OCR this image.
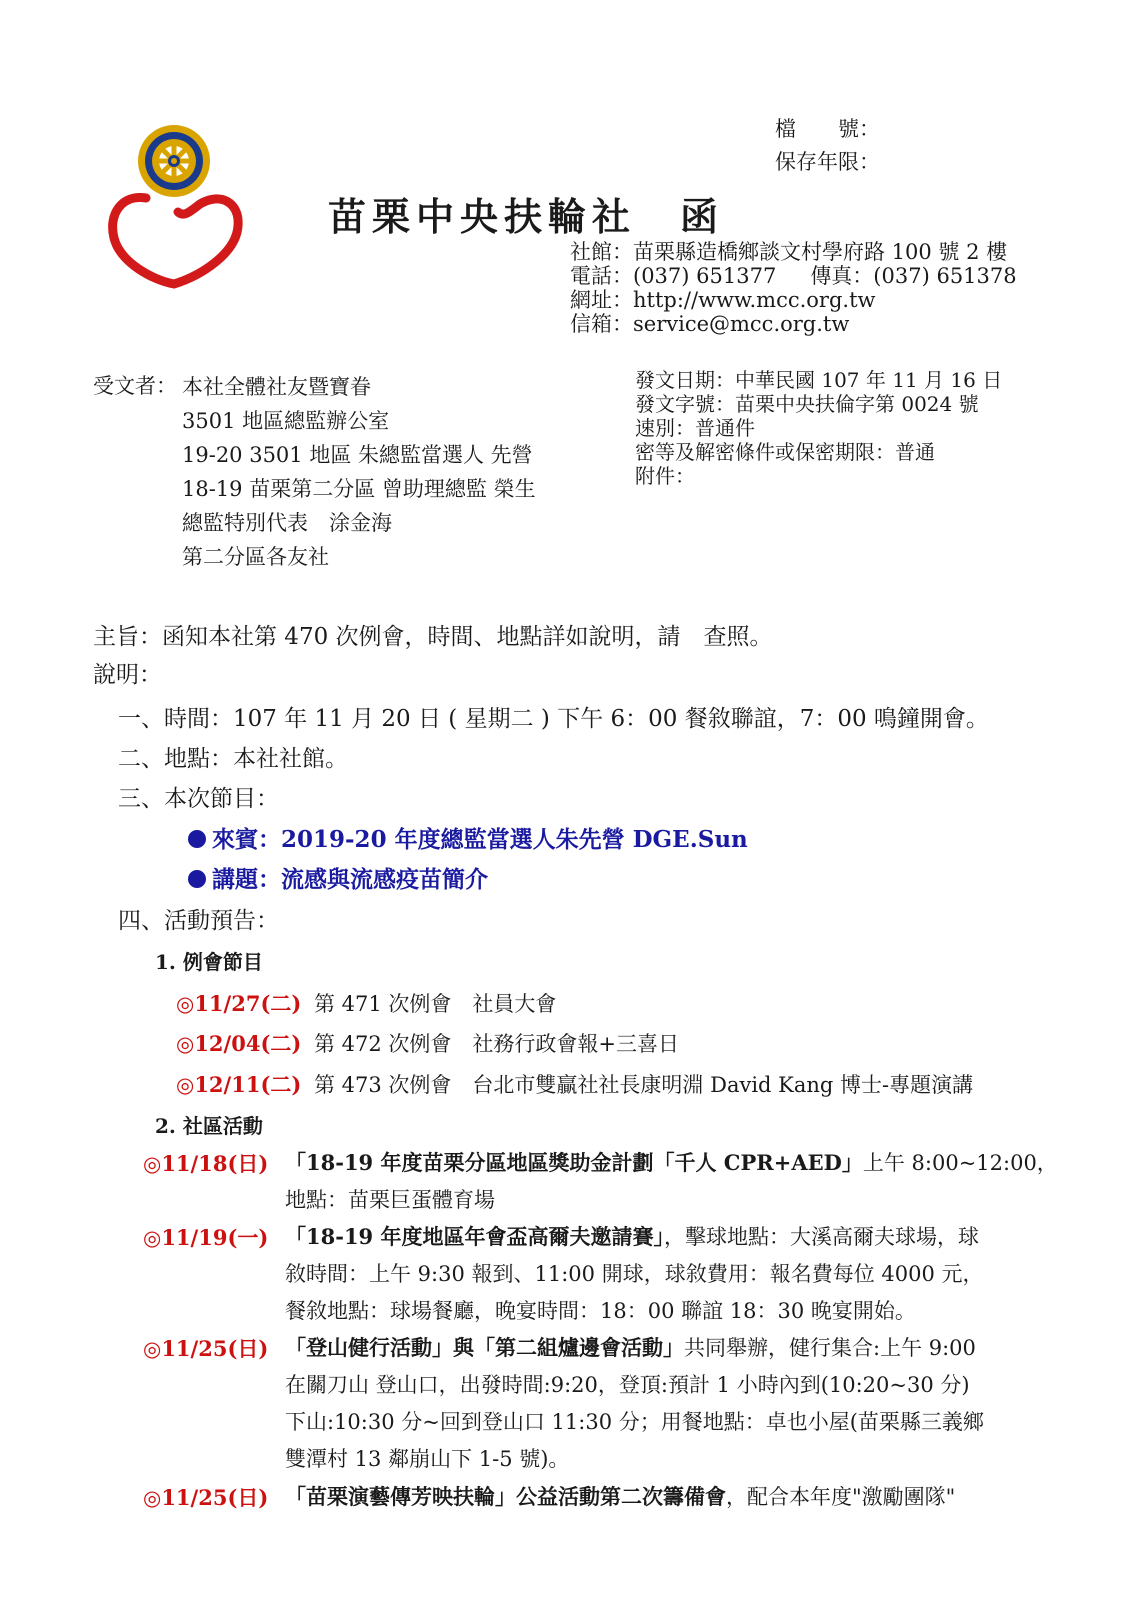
檔　　號：
保存年限：
苗栗中央扶輪社 函
社館：苗栗縣造橋鄉談文村學府路 100 號 2 樓
電話：(037) 651377 傳真：(037) 651378
網址：http://www.mcc.org.tw
信箱：service@mcc.org.tw
受文者： 本社全體社友暨寶眷
3501 地區總監辦公室
19-20 3501 地區 朱總監當選人 先營
18-19 苗栗第二分區 曾助理總監 榮生
總監特別代表　涂金海
第二分區各友社
發文日期：中華民國 107 年 11 月 16 日
發文字號：苗栗中央扶倫字第 0024 號
速別：普通件
密等及解密條件或保密期限：普通
附件：
主旨：函知本社第 470 次例會，時間、地點詳如說明，請　查照。
說明：
一、時間：107 年 11 月 20 日 ( 星期二 ) 下午 6：00 餐敘聯誼，7：00 鳴鐘開會。
二、地點：本社社館。
三、本次節目：
來賓：2019-20 年度總監當選人朱先營 DGE.Sun
講題：流感與流感疫苗簡介
四、活動預告：
1. 例會節目
◎11/27(二) 第 471 次例會　社員大會
◎12/04(二) 第 472 次例會　社務行政會報+三喜日
◎12/11(二) 第 473 次例會　台北市雙贏社社長康明淵 David Kang 博士-專題演講
2. 社區活動
◎11/18(日) 「18-19 年度苗栗分區地區獎助金計劃「千人 CPR+AED」上午 8:00~12:00，
地點：苗栗巨蛋體育場
◎11/19(一) 「18-19 年度地區年會盃高爾夫邀請賽」，擊球地點：大溪高爾夫球場，球
敘時間：上午 9:30 報到、11:00 開球，球敘費用：報名費每位 4000 元，
餐敘地點：球場餐廳，晚宴時間：18：00 聯誼 18：30 晚宴開始。
◎11/25(日) 「登山健行活動」與「第二組爐邊會活動」共同舉辦，健行集合:上午 9:00
在關刀山 登山口，出發時間:9:20，登頂:預計 1 小時內到(10:20~30 分)
下山:10:30 分~回到登山口 11:30 分；用餐地點：卓也小屋(苗栗縣三義鄉
雙潭村 13 鄰崩山下 1-5 號)。
◎11/25(日) 「苗栗演藝傳芳映扶輪」公益活動第二次籌備會，配合本年度"激勵團隊"
